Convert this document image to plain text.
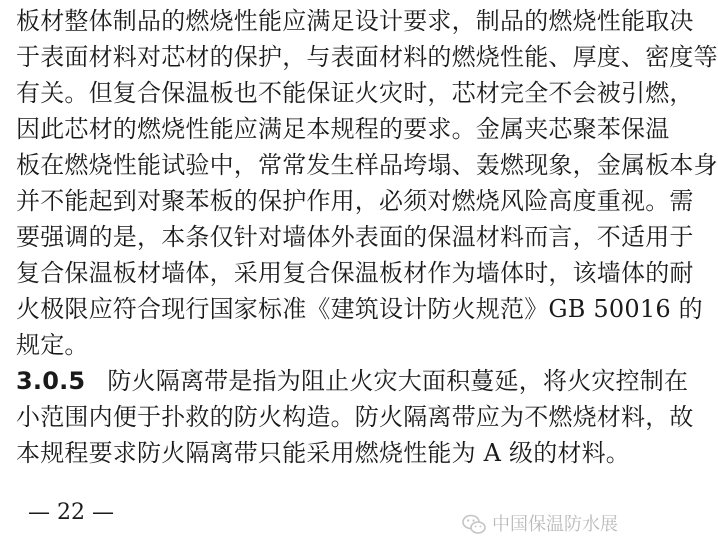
板材整体制品的燃烧性能应满足设计要求，制品的燃烧性能取决
于表面材料对芯材的保护，与表面材料的燃烧性能、厚度、密度等
有关。但复合保温板也不能保证火灾时，芯材完全不会被引燃，
因此芯材的燃烧性能应满足本规程的要求。金属夹芯聚苯保温
板在燃烧性能试验中，常常发生样品垮塌、轰燃现象，金属板本身
并不能起到对聚苯板的保护作用，必须对燃烧风险高度重视。需
要强调的是，本条仅针对墙体外表面的保温材料而言，不适用于
复合保温板材墙体，采用复合保温板材作为墙体时，该墙体的耐
火极限应符合现行国家标准《建筑设计防火规范》GB 50016 的
规定。
3.0.5 防火隔离带是指为阻止火灾大面积蔓延，将火灾控制在
小范围内便于扑救的防火构造。防火隔离带应为不燃烧材料，故
本规程要求防火隔离带只能采用燃烧性能为 A 级的材料。
— 22 —	中国保温防水展
